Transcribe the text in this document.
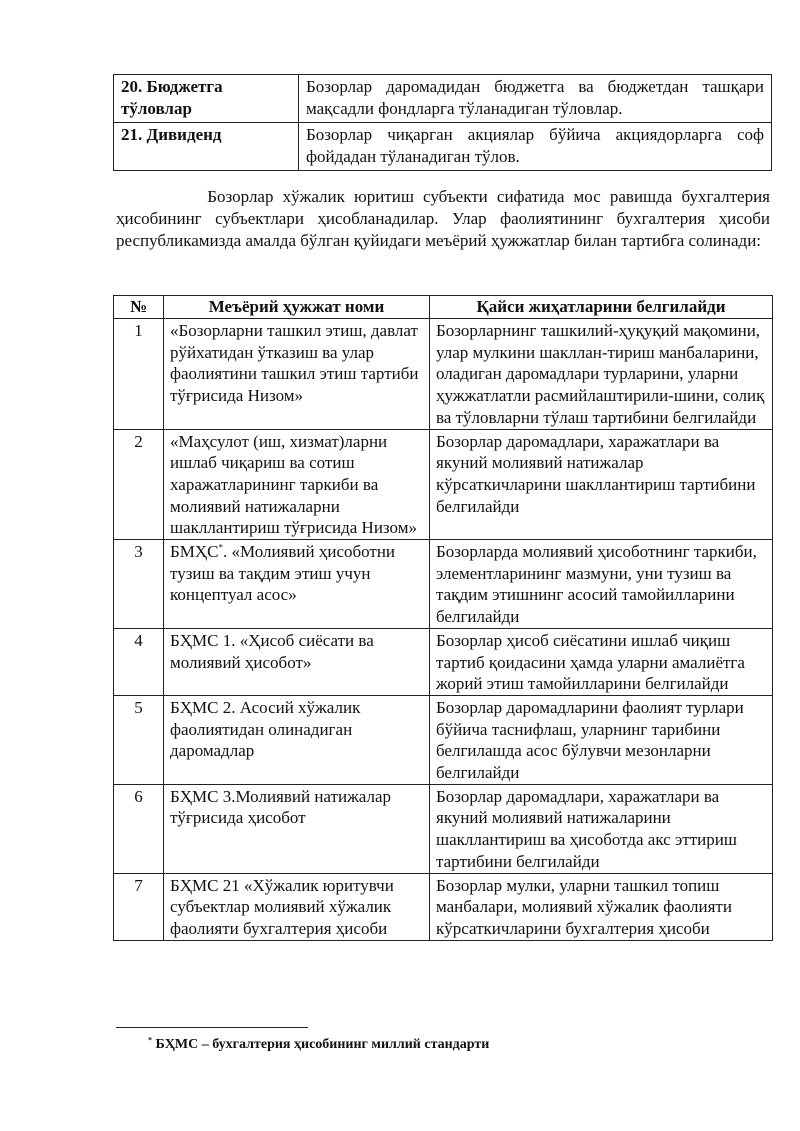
20. Бюджетга         тўловлар	Бозорлар даромадидан бюджетга ва бюджетдан ташқари мақсадли фондларга тўланадиган тўловлар.
21. Дивиденд	Бозорлар чиқарган акциялар бўйича акциядорларга соф фойдадан тўланадиган тўлов.

Бозорлар хўжалик юритиш субъекти сифатида мос равишда бухгалтерия ҳисобининг субъектлари ҳисобланадилар. Улар фаолиятининг бухгалтерия ҳисоби республикамизда амалда бўлган қуйидаги меъёрий ҳужжатлар билан тартибга солинади:

№	Меъёрий ҳужжат номи	Қайси жиҳатларини белгилайди
1	«Бозорларни ташкил этиш, давлат рўйхатидан ўтказиш ва улар фаолиятини ташкил этиш тартиби тўғрисида Низом»	Бозорларнинг ташкилий-ҳуқуқий мақомини, улар мулкини шакллан-тириш манбаларини, оладиган даромадлари турларини, уларни ҳужжатлатли расмийлаштирили-шини, солиқ ва тўловларни тўлаш тартибини белгилайди
2	«Маҳсулот (иш, хизмат)ларни ишлаб чиқариш ва сотиш харажатларининг таркиби ва молиявий натижаларни шакллантириш тўғрисида Низом»	Бозорлар даромадлари, харажатлари ва якуний молиявий натижалар кўрсаткичларини шакллантириш тартибини белгилайди
3	БМҲС*. «Молиявий ҳисоботни тузиш ва тақдим этиш учун концептуал асос»	Бозорларда молиявий ҳисоботнинг таркиби, элементларининг мазмуни, уни тузиш ва тақдим этишнинг асосий тамойилларини белгилайди
4	БҲМС 1. «Ҳисоб сиёсати ва молиявий ҳисобот»	Бозорлар ҳисоб сиёсатини ишлаб чиқиш тартиб қоидасини ҳамда уларни амалиётга жорий этиш тамойилларини белгилайди
5	БҲМС 2. Асосий хўжалик фаолиятидан олинадиган даромадлар	Бозорлар даромадларини фаолият турлари бўйича таснифлаш, уларнинг тарибини белгилашда асос бўлувчи мезонларни белгилайди
6	БҲМС 3.Молиявий натижалар тўғрисида ҳисобот	Бозорлар даромадлари, харажатлари ва якуний молиявий натижаларини шакллантириш ва ҳисоботда акс эттириш тартибини белгилайди
7	БҲМС 21 «Хўжалик юритувчи субъектлар молиявий хўжалик фаолияти бухгалтерия ҳисоби	Бозорлар мулки, уларни ташкил топиш манбалари, молиявий хўжалик фаолияти кўрсаткичларини бухгалтерия ҳисоби
* БҲМС – бухгалтерия ҳисобининг миллий стандарти
